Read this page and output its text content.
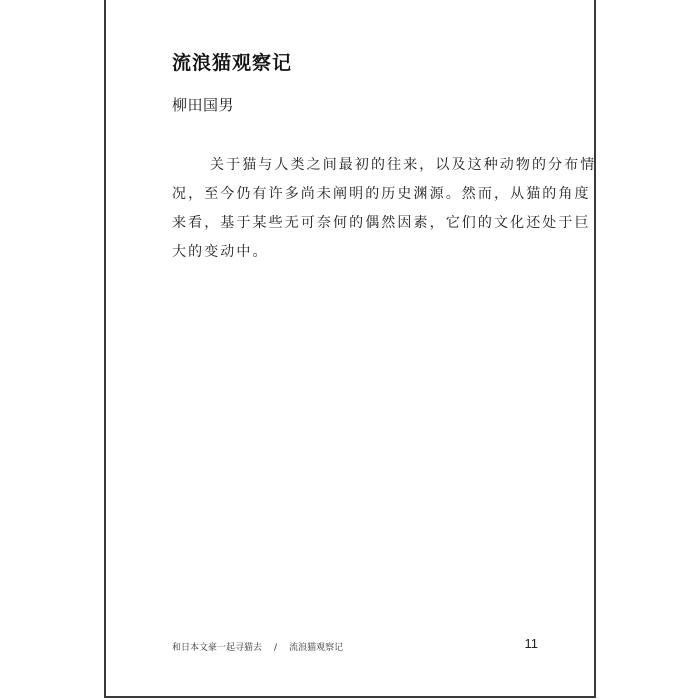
流浪猫观察记
柳田国男
关于猫与人类之间最初的往来，以及这种动物的分布情
况，至今仍有许多尚未阐明的历史渊源。然而，从猫的角度
来看，基于某些无可奈何的偶然因素，它们的文化还处于巨
大的变动中。
和日本文豪一起寻猫去 / 流浪猫观察记	11
